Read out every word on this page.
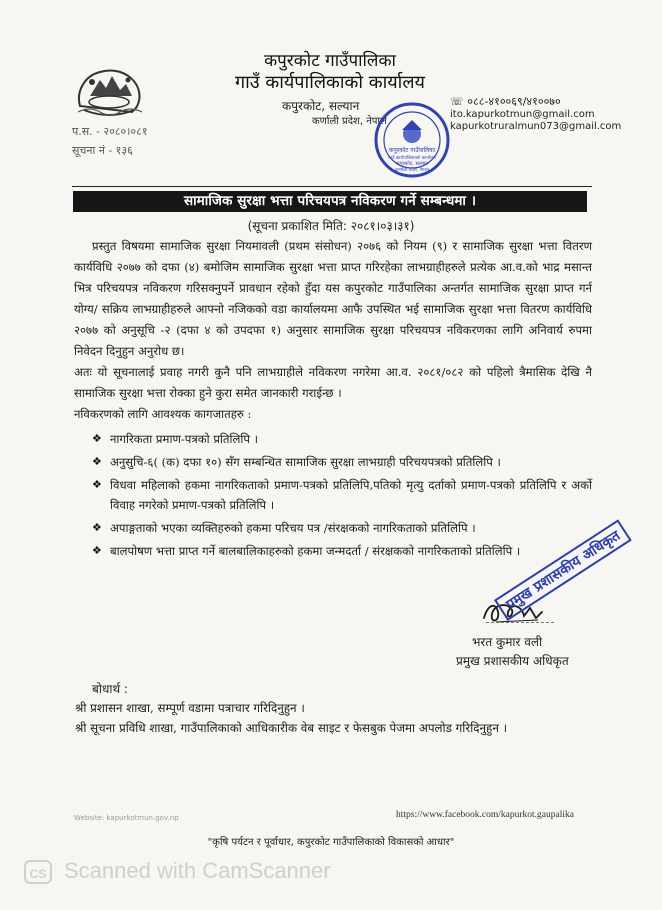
कपुरकोट गाउँपालिका
गाउँ कार्यपालिकाको कार्यालय
कपुरकोट, सल्यान
कर्णाली प्रदेश, नेपाल
☏ ०८८-४१००६९/४१००७०
ito.kapurkotmun@gmail.com
kapurkotruralmun073@gmail.com
प.स. - २०८०।०८१
सूचना नं - १३६	कपुरकोट गाउँपालिका
गाउँ कार्यपालिकाको कार्यालय
कपुरकोट, सल्यान
कर्णाली प्रदेश, नेपाल
सामाजिक सुरक्षा भत्ता परिचयपत्र नविकरण गर्ने सम्बन्धमा ।
(सूचना प्रकाशित मिति: २०८१।०३।३१)

प्रस्तुत विषयमा सामाजिक सुरक्षा नियमावली (प्रथम संसोधन) २०७६ को नियम (९) र सामाजिक सुरक्षा भत्ता वितरण कार्यविधि २०७७ को दफा (४) बमोजिम सामाजिक सुरक्षा भत्ता प्राप्त गरिरहेका लाभग्राहीहरुले प्रत्येक आ.व.को भाद्र मसान्त भित्र परिचयपत्र नविकरण गरिसक्नुपर्ने प्रावधान रहेको हुँदा यस कपुरकोट गाउँपालिका अन्तर्गत सामाजिक सुरक्षा प्राप्त गर्न योग्य/ सक्रिय लाभग्राहीहरुले आफ्नो नजिकको वडा कार्यालयमा आफै उपस्थित भई सामाजिक सुरक्षा भत्ता वितरण कार्यविधि २०७७ को अनुसूचि -२ (दफा ४ को उपदफा १) अनुसार सामाजिक सुरक्षा परिचयपत्र नविकरणका लागि अनिवार्य रुपमा निवेदन दिनुहुन अनुरोध छ।

अतः यो सूचनालाई प्रवाह नगरी कुनै पनि लाभग्राहीले नविकरण नगरेमा आ.व. २०८१/०८२ को पहिलो त्रैमासिक देखि नै सामाजिक सुरक्षा भत्ता रोक्का हुने कुरा समेत जानकारी गराईन्छ ।

नविकरणको लागि आवश्यक कागजातहरु :

❖ नागरिकता प्रमाण-पत्रको प्रतिलिपि ।
❖ अनुसुचि-६( (क) दफा १०) सँग सम्बन्धित सामाजिक सुरक्षा लाभग्राही परिचयपत्रको प्रतिलिपि ।
❖ विधवा महिलाको हकमा नागरिकताको प्रमाण-पत्रको प्रतिलिपि,पतिको मृत्यु दर्ताको प्रमाण-पत्रको प्रतिलिपि र अर्को विवाह नगरेको प्रमाण-पत्रको प्रतिलिपि ।
❖ अपाङ्गताको भएका व्यक्तिहरुको हकमा परिचय पत्र /संरक्षकको नागरिकताको प्रतिलिपि ।
❖ बालपोषण भत्ता प्राप्त गर्ने बालबालिकाहरुको हकमा जन्मदर्ता / संरक्षकको नागरिकताको प्रतिलिपि ।
भरत कुमार वली
प्रमुख प्रशासकीय अधिकृत
प्रमुख प्रशासकीय अधिकृत
बोधार्थ :
श्री प्रशासन शाखा, सम्पूर्ण वडामा पत्राचार गरिदिनुहुन ।
श्री सूचना प्रविधि शाखा, गाउँपालिकाको आधिकारीक वेब साइट र फेसबुक पेजमा अपलोड गरिदिनुहुन ।
Website: kapurkotmun.gov.np	https://www.facebook.com/kapurkot.gaupalika
"कृषि पर्यटन र पूर्वाधार, कपुरकोट गाउँपालिकाको विकासको आधार"
CS Scanned with CamScanner
